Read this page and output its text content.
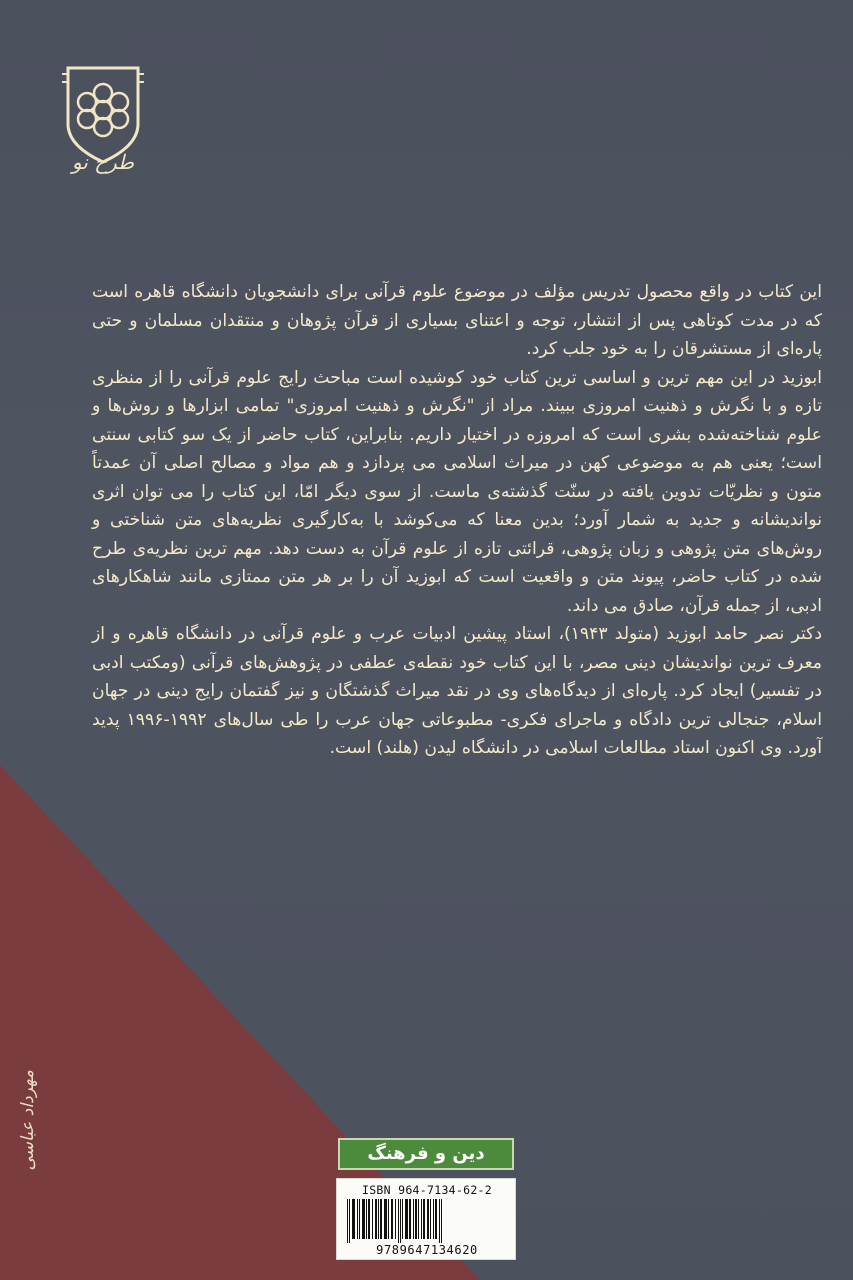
طرح نو

این کتاب در واقع محصول تدریس مؤلف در موضوع علوم قرآنی برای دانشجویان دانشگاه قاهره است که در مدت کوتاهی پس از انتشار، توجه و اعتنای بسیاری از قرآن پژوهان و منتقدان مسلمان و حتی پاره‌ای از مستشرقان را به خود جلب کرد.

ابوزید در این مهم ترین و اساسی ترین کتاب خود کوشیده است مباحث رایج علوم قرآنی را از منظری تازه و با نگرش و ذهنیت امروزی ببیند. مراد از "نگرش و ذهنیت امروزی" تمامی ابزارها و روش‌ها و علوم شناخته‌شده بشری است که امروزه در اختیار داریم. بنابراین، کتاب حاضر از یک سو کتابی سنتی است؛ یعنی هم به موضوعی کهن در میراث اسلامی می پردازد و هم مواد و مصالح اصلی آن عمدتاً متون و نظریّات تدوین یافته در سنّت گذشته‌ی ماست. از سوی دیگر امّا، این کتاب را می توان اثری نواندیشانه و جدید به شمار آورد؛ بدین معنا که می‌کوشد با به‌کارگیری نظریه‌های متن شناختی و روش‌های متن پژوهی و زبان پژوهی، قرائتی تازه از علوم قرآن به دست دهد. مهم ترین نظریه‌ی طرح شده در کتاب حاضر، پیوند متن و واقعیت است که ابوزید آن را بر هر متن ممتازی مانند شاهکارهای ادبی، از جمله قرآن، صادق می داند.

دکتر نصر حامد ابوزید (متولد ۱۹۴۳)، استاد پیشین ادبیات عرب و علوم قرآنی در دانشگاه قاهره و از معرف ترین نواندیشان دینی مصر، با این کتاب خود نقطه‌ی عطفی در پژوهش‌های قرآنی (ومکتب ادبی در تفسیر) ایجاد کرد. پاره‌ای از دیدگاه‌های وی در نقد میراث گذشتگان و نیز گفتمان رایج دینی در جهان اسلام، جنجالی ترین دادگاه و ماجرای فکری- مطبوعاتی جهان عرب را طی سال‌های ۱۹۹۲-۱۹۹۶ پدید آورد. وی اکنون استاد مطالعات اسلامی در دانشگاه لیدن (هلند) است.

مهرداد عباسی	دین و فرهنگ
ISBN 964-7134-62-2
9789647134620
